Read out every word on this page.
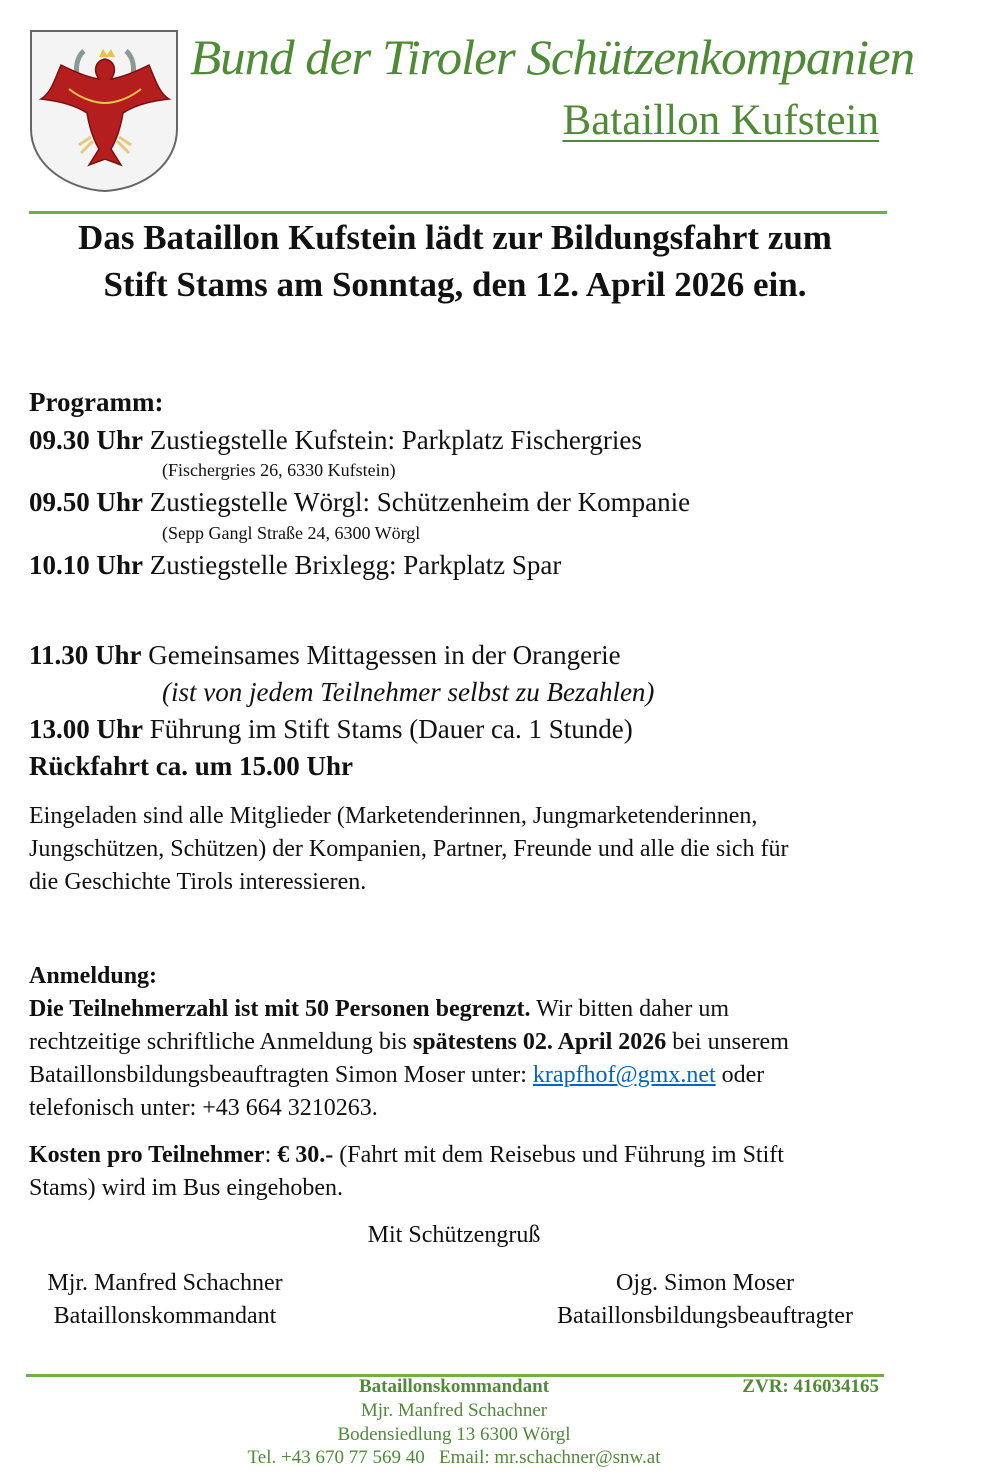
Bund der Tiroler Schützenkompanien
Bataillon Kufstein
Das Bataillon Kufstein lädt zur Bildungsfahrt zum
Stift Stams am Sonntag, den 12. April 2026 ein.
Programm:
09.30 Uhr Zustiegstelle Kufstein: Parkplatz Fischergries
(Fischergries 26, 6330 Kufstein)
09.50 Uhr Zustiegstelle Wörgl: Schützenheim der Kompanie
(Sepp Gangl Straße 24, 6300 Wörgl
10.10 Uhr Zustiegstelle Brixlegg: Parkplatz Spar
11.30 Uhr Gemeinsames Mittagessen in der Orangerie
(ist von jedem Teilnehmer selbst zu Bezahlen)
13.00 Uhr Führung im Stift Stams (Dauer ca. 1 Stunde)
Rückfahrt ca. um 15.00 Uhr
Eingeladen sind alle Mitglieder (Marketenderinnen, Jungmarketenderinnen,
Jungschützen, Schützen) der Kompanien, Partner, Freunde und alle die sich für
die Geschichte Tirols interessieren.
Anmeldung:
Die Teilnehmerzahl ist mit 50 Personen begrenzt. Wir bitten daher um
rechtzeitige schriftliche Anmeldung bis spätestens 02. April 2026 bei unserem
Bataillonsbildungsbeauftragten Simon Moser unter: krapfhof@gmx.net oder
telefonisch unter: +43 664 3210263.
Kosten pro Teilnehmer: € 30.- (Fahrt mit dem Reisebus und Führung im Stift
Stams) wird im Bus eingehoben.
Mit Schützengruß
Mjr. Manfred Schachner
Bataillonskommandant
Ojg. Simon Moser
Bataillonsbildungsbeauftragter
Bataillonskommandant	ZVR: 416034165
Mjr. Manfred Schachner
Bodensiedlung 13 6300 Wörgl
Tel. +43 670 77 569 40   Email: mr.schachner@snw.at
